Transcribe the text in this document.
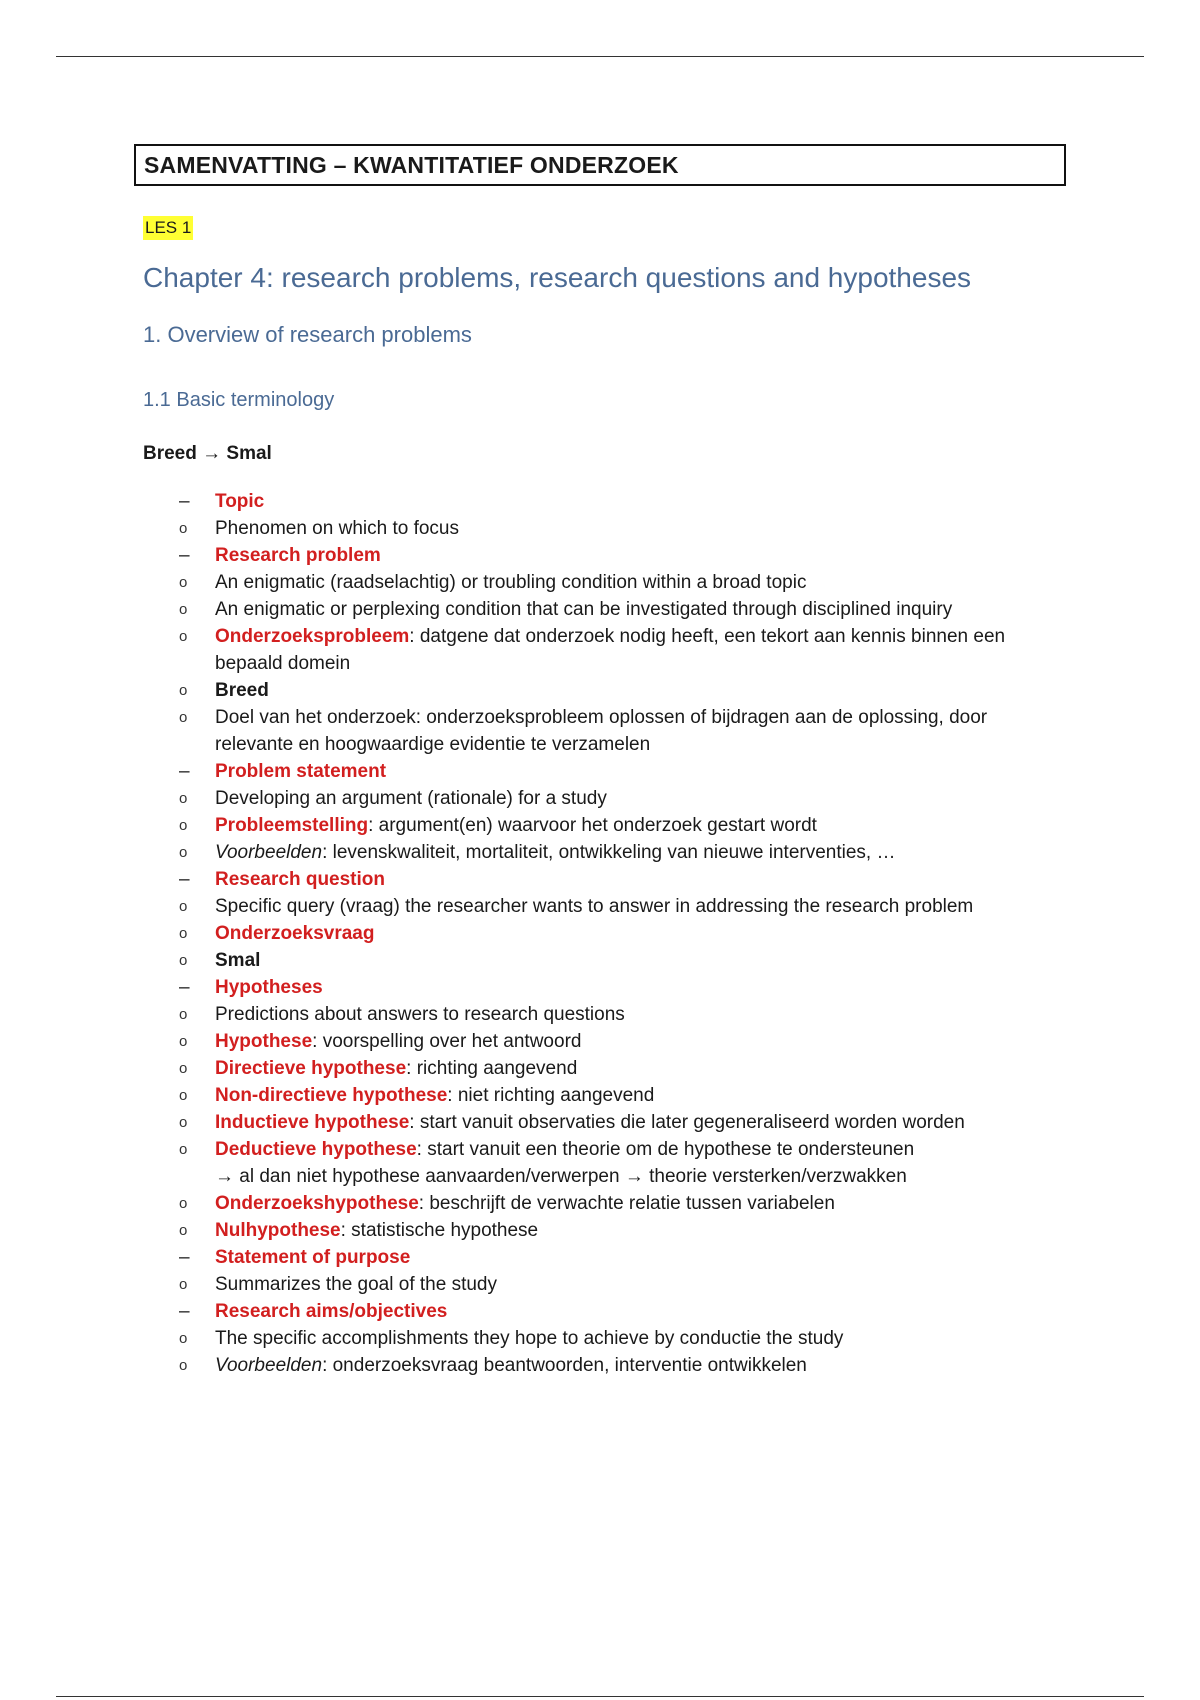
SAMENVATTING – KWANTITATIEF ONDERZOEK
LES 1
Chapter 4: research problems, research questions and hypotheses
1. Overview of research problems
1.1 Basic terminology
Breed → Smal
– Topic
o Phenomen on which to focus
– Research problem
o An enigmatic (raadselachtig) or troubling condition within a broad topic
o An enigmatic or perplexing condition that can be investigated through disciplined inquiry
o Onderzoeksprobleem: datgene dat onderzoek nodig heeft, een tekort aan kennis binnen een bepaald domein
o Breed
o Doel van het onderzoek: onderzoeksprobleem oplossen of bijdragen aan de oplossing, door relevante en hoogwaardige evidentie te verzamelen
– Problem statement
o Developing an argument (rationale) for a study
o Probleemstelling: argument(en) waarvoor het onderzoek gestart wordt
o Voorbeelden: levenskwaliteit, mortaliteit, ontwikkeling van nieuwe interventies, …
– Research question
o Specific query (vraag) the researcher wants to answer in addressing the research problem
o Onderzoeksvraag
o Smal
– Hypotheses
o Predictions about answers to research questions
o Hypothese: voorspelling over het antwoord
o Directieve hypothese: richting aangevend
o Non-directieve hypothese: niet richting aangevend
o Inductieve hypothese: start vanuit observaties die later gegeneraliseerd worden worden
o Deductieve hypothese: start vanuit een theorie om de hypothese te ondersteunen
→ al dan niet hypothese aanvaarden/verwerpen → theorie versterken/verzwakken
o Onderzoekshypothese: beschrijft de verwachte relatie tussen variabelen
o Nulhypothese: statistische hypothese
– Statement of purpose
o Summarizes the goal of the study
– Research aims/objectives
o The specific accomplishments they hope to achieve by conductie the study
o Voorbeelden: onderzoeksvraag beantwoorden, interventie ontwikkelen
